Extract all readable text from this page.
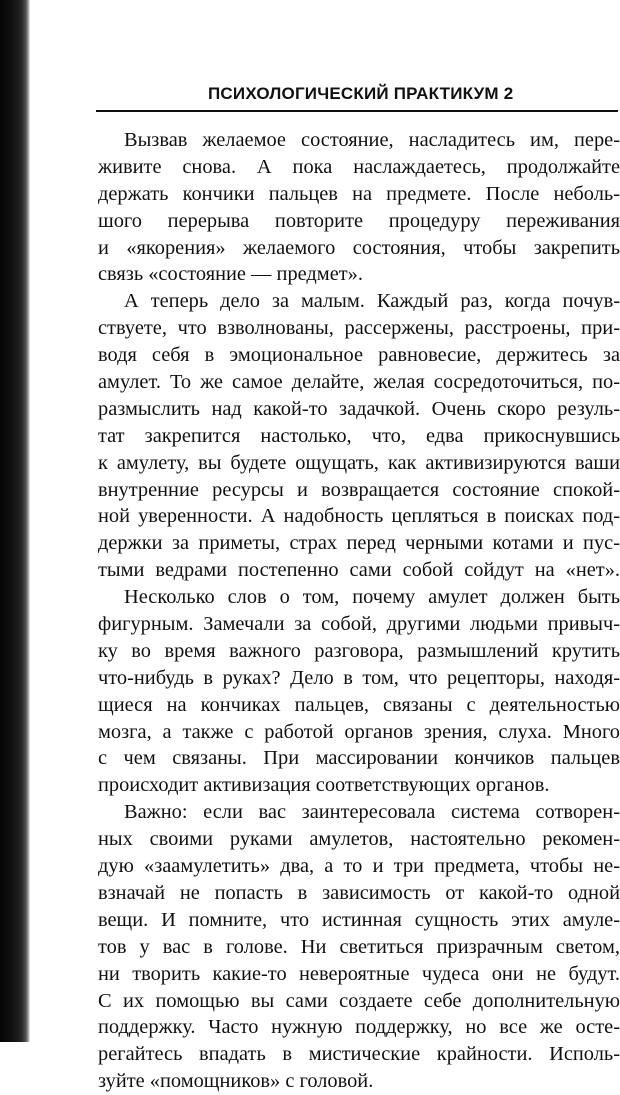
ПСИХОЛОГИЧЕСКИЙ ПРАКТИКУМ 2
Вызвав желаемое состояние, насладитесь им, пере-
живите снова. А пока наслаждаетесь, продолжайте
держать кончики пальцев на предмете. После неболь-
шого перерыва повторите процедуру переживания
и «якорения» желаемого состояния, чтобы закрепить
связь «состояние — предмет».
А теперь дело за малым. Каждый раз, когда почув-
ствуете, что взволнованы, рассержены, расстроены, при-
водя себя в эмоциональное равновесие, держитесь за
амулет. То же самое делайте, желая сосредоточиться, по-
размыслить над какой-то задачкой. Очень скоро резуль-
тат закрепится настолько, что, едва прикоснувшись
к амулету, вы будете ощущать, как активизируются ваши
внутренние ресурсы и возвращается состояние спокой-
ной уверенности. А надобность цепляться в поисках под-
держки за приметы, страх перед черными котами и пус-
тыми ведрами постепенно сами собой сойдут на «нет».
Несколько слов о том, почему амулет должен быть
фигурным. Замечали за собой, другими людьми привыч-
ку во время важного разговора, размышлений крутить
что-нибудь в руках? Дело в том, что рецепторы, находя-
щиеся на кончиках пальцев, связаны с деятельностью
мозга, а также с работой органов зрения, слуха. Много
с чем связаны. При массировании кончиков пальцев
происходит активизация соответствующих органов.
Важно: если вас заинтересовала система сотворен-
ных своими руками амулетов, настоятельно рекомен-
дую «заамулетить» два, а то и три предмета, чтобы не-
взначай не попасть в зависимость от какой-то одной
вещи. И помните, что истинная сущность этих амуле-
тов у вас в голове. Ни светиться призрачным светом,
ни творить какие-то невероятные чудеса они не будут.
С их помощью вы сами создаете себе дополнительную
поддержку. Часто нужную поддержку, но все же осте-
регайтесь впадать в мистические крайности. Исполь-
зуйте «помощников» с головой.
